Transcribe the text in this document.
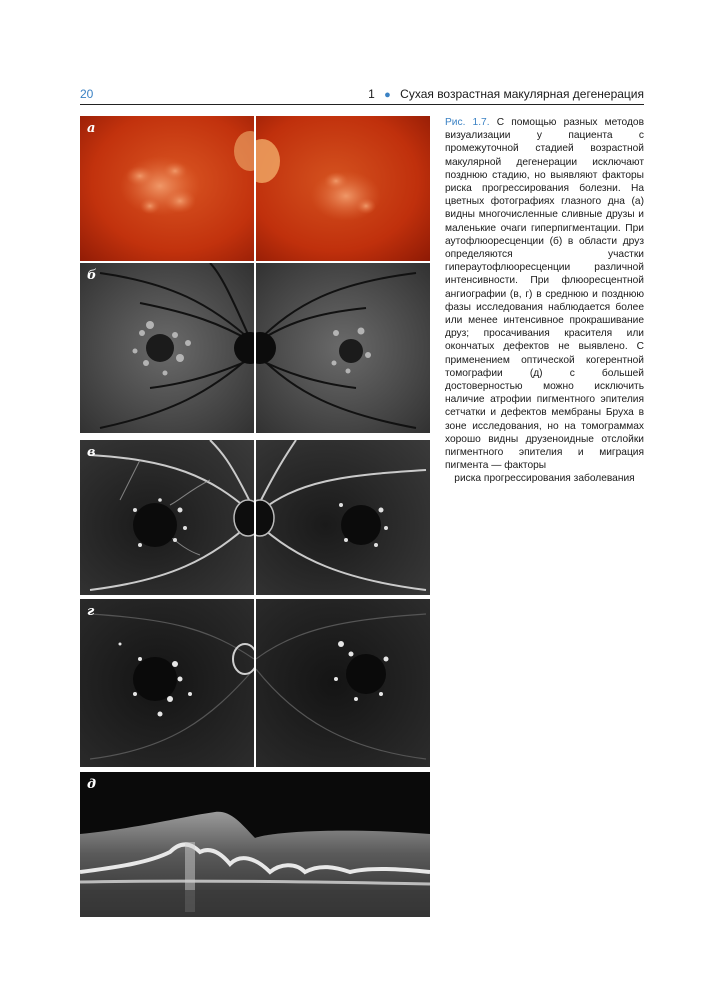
20	1 ● Сухая возрастная макулярная дегенерация
а
б
в
г
д
Рис. 1.7. С помощью разных методов визуализации у пациента с промежуточной стадией возрастной макулярной дегенерации исключают позднюю стадию, но выявляют факторы риска прогрессирования болезни. На цветных фотографиях глазного дна (а) видны многочисленные сливные друзы и маленькие очаги гиперпигментации. При аутофлюоресценции (б) в области друз определяются участки гипераутофлюоресценции различной интенсивности. При флюоресцентной ангиографии (в, г) в среднюю и позднюю фазы исследования наблюдается более или менее интенсивное прокрашивание друз; просачивания красителя или окончатых дефектов не выявлено. С применением оптической когерентной томографии (д) с большей достоверностью можно исключить наличие атрофии пигментного эпителия сетчатки и дефектов мембраны Бруха в зоне исследования, но на томограммах хорошо видны друзеноидные отслойки пигментного эпителия и миграция пигмента — факторы
риска прогрессирования заболевания
